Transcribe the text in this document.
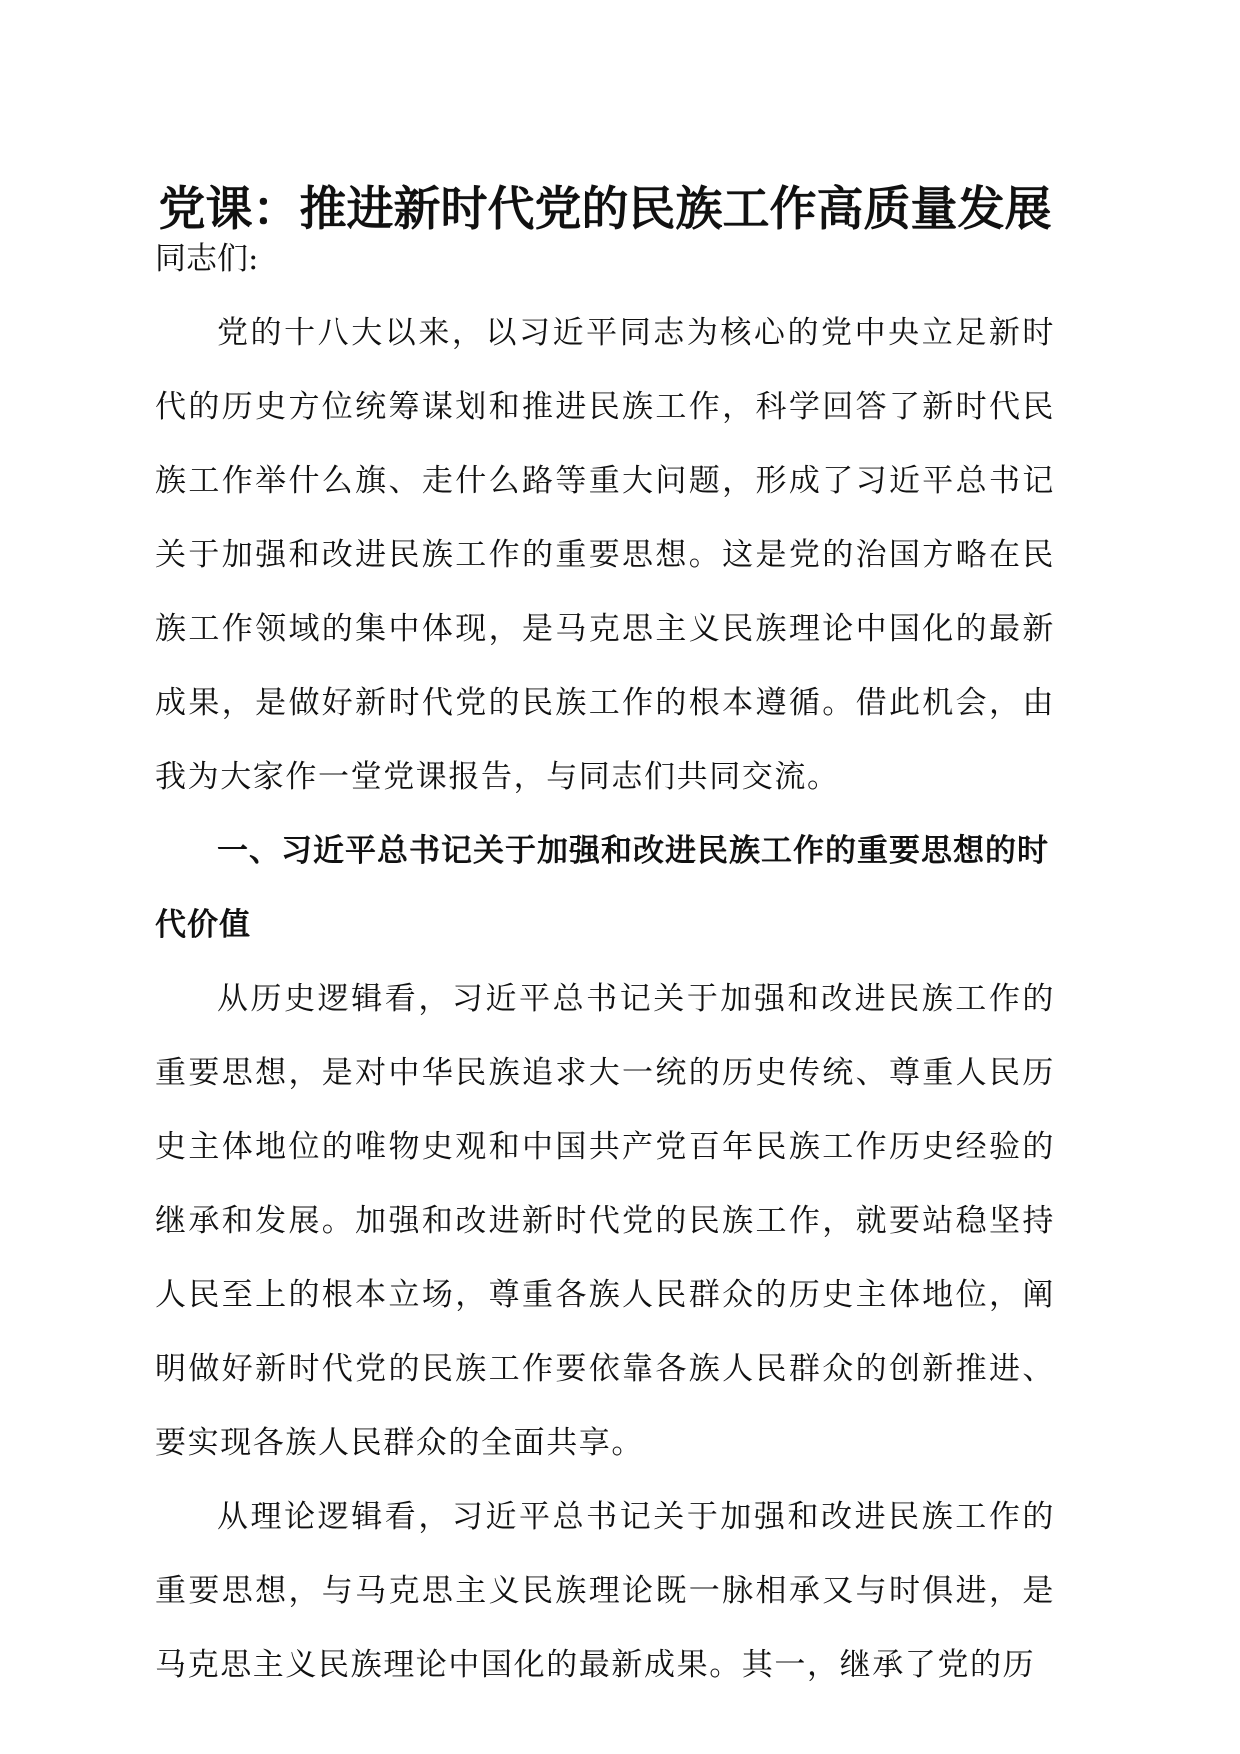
党课：推进新时代党的民族工作高质量发展

同志们:

党的十八大以来，以习近平同志为核心的党中央立足新时代的历史方位统筹谋划和推进民族工作，科学回答了新时代民族工作举什么旗、走什么路等重大问题，形成了习近平总书记关于加强和改进民族工作的重要思想。这是党的治国方略在民族工作领域的集中体现，是马克思主义民族理论中国化的最新成果，是做好新时代党的民族工作的根本遵循。借此机会，由我为大家作一堂党课报告，与同志们共同交流。

一、习近平总书记关于加强和改进民族工作的重要思想的时代价值

从历史逻辑看，习近平总书记关于加强和改进民族工作的重要思想，是对中华民族追求大一统的历史传统、尊重人民历史主体地位的唯物史观和中国共产党百年民族工作历史经验的继承和发展。加强和改进新时代党的民族工作，就要站稳坚持人民至上的根本立场，尊重各族人民群众的历史主体地位，阐明做好新时代党的民族工作要依靠各族人民群众的创新推进、要实现各族人民群众的全面共享。

从理论逻辑看，习近平总书记关于加强和改进民族工作的重要思想，与马克思主义民族理论既一脉相承又与时俱进，是马克思主义民族理论中国化的最新成果。其一，继承了党的历
